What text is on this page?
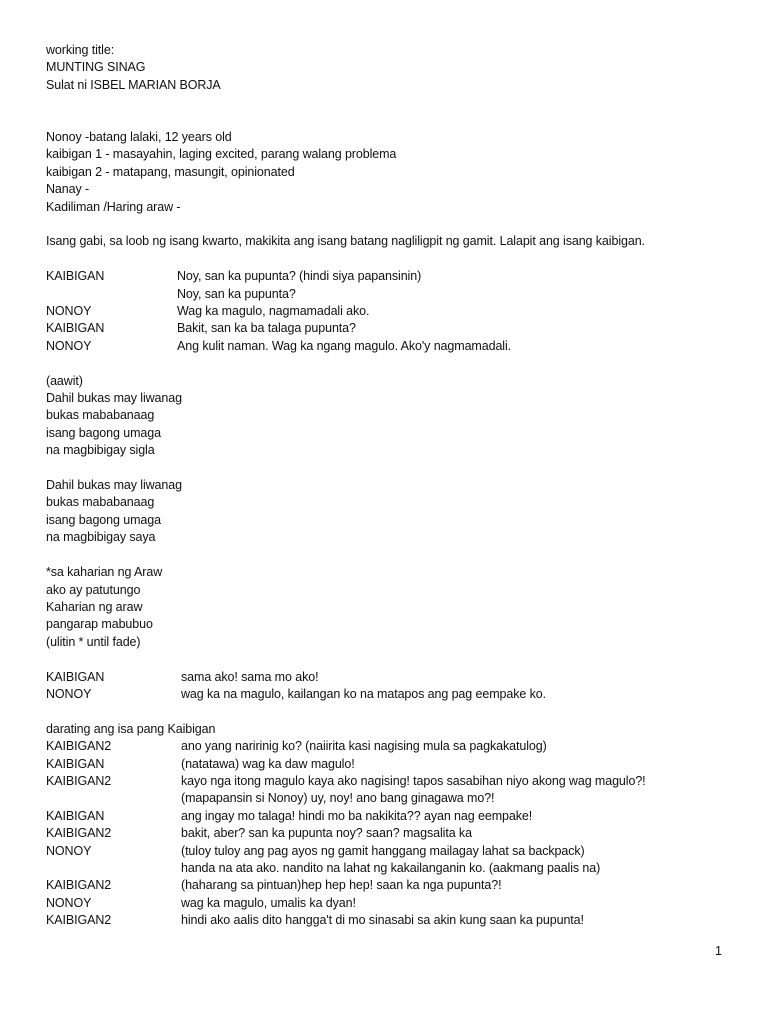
working title:
MUNTING SINAG
Sulat ni ISBEL MARIAN BORJA
Nonoy -batang lalaki, 12 years old
kaibigan 1 - masayahin, laging excited, parang walang problema
kaibigan 2 - matapang, masungit, opinionated
Nanay -
Kadiliman /Haring araw -
Isang gabi, sa loob ng isang kwarto, makikita ang isang batang nagliligpit ng gamit. Lalapit ang isang kaibigan.
KAIBIGAN	Noy, san ka pupunta? (hindi siya papansinin)
Noy, san ka pupunta?
NONOY	Wag ka magulo, nagmamadali ako.
KAIBIGAN	Bakit, san ka ba talaga pupunta?
NONOY	Ang kulit naman. Wag ka ngang magulo. Ako'y nagmamadali.
(aawit)
Dahil bukas may liwanag
bukas mababanaag
isang bagong umaga
na magbibigay sigla
Dahil bukas may liwanag
bukas mababanaag
isang bagong umaga
na magbibigay saya
*sa kaharian ng Araw
ako ay patutungo
Kaharian ng araw
pangarap mabubuo
(ulitin * until fade)
KAIBIGAN	sama ako! sama mo ako!
NONOY	wag ka na magulo, kailangan ko na matapos ang pag eempake ko.
darating ang isa pang Kaibigan
KAIBIGAN2	ano yang naririnig ko? (naiirita kasi nagising mula sa pagkakatulog)
KAIBIGAN	(natatawa) wag ka daw magulo!
KAIBIGAN2	kayo nga itong magulo kaya ako nagising! tapos sasabihan niyo akong wag magulo?!
(mapapansin si Nonoy) uy, noy! ano bang ginagawa mo?!
KAIBIGAN	ang ingay mo talaga! hindi mo ba nakikita?? ayan nag eempake!
KAIBIGAN2	bakit, aber? san ka pupunta noy? saan? magsalita ka
NONOY	(tuloy tuloy ang pag ayos ng gamit hanggang mailagay lahat sa backpack)
handa na ata ako. nandito na lahat ng kakailanganin ko. (aakmang paalis na)
KAIBIGAN2	(haharang sa pintuan)hep hep hep! saan ka nga pupunta?!
NONOY	wag ka magulo, umalis ka dyan!
KAIBIGAN2	hindi ako aalis dito hangga't di mo sinasabi sa akin kung saan ka pupunta!
1
